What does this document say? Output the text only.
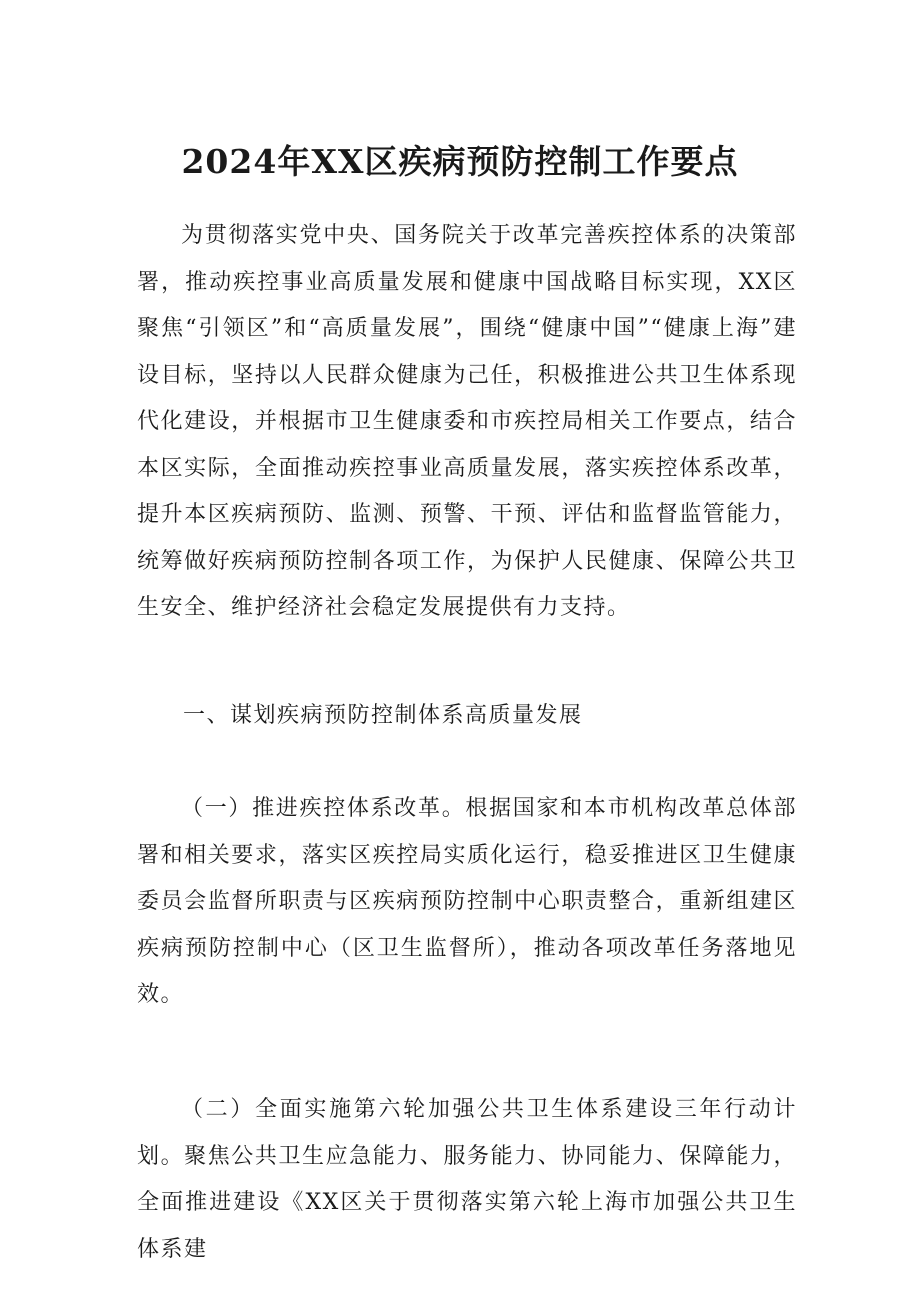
2024年XX区疾病预防控制工作要点

为贯彻落实党中央、国务院关于改革完善疾控体系的决策部署，推动疾控事业高质量发展和健康中国战略目标实现，XX区聚焦“引领区”和“高质量发展”，围绕“健康中国”“健康上海”建设目标，坚持以人民群众健康为己任，积极推进公共卫生体系现代化建设，并根据市卫生健康委和市疾控局相关工作要点，结合本区实际，全面推动疾控事业高质量发展，落实疾控体系改革，提升本区疾病预防、监测、预警、干预、评估和监督监管能力，统筹做好疾病预防控制各项工作，为保护人民健康、保障公共卫生安全、维护经济社会稳定发展提供有力支持。

一、谋划疾病预防控制体系高质量发展

（一）推进疾控体系改革。根据国家和本市机构改革总体部署和相关要求，落实区疾控局实质化运行，稳妥推进区卫生健康委员会监督所职责与区疾病预防控制中心职责整合，重新组建区疾病预防控制中心（区卫生监督所），推动各项改革任务落地见效。

（二）全面实施第六轮加强公共卫生体系建设三年行动计划。聚焦公共卫生应急能力、服务能力、协同能力、保障能力，全面推进建设《XX区关于贯彻落实第六轮上海市加强公共卫生体系建
